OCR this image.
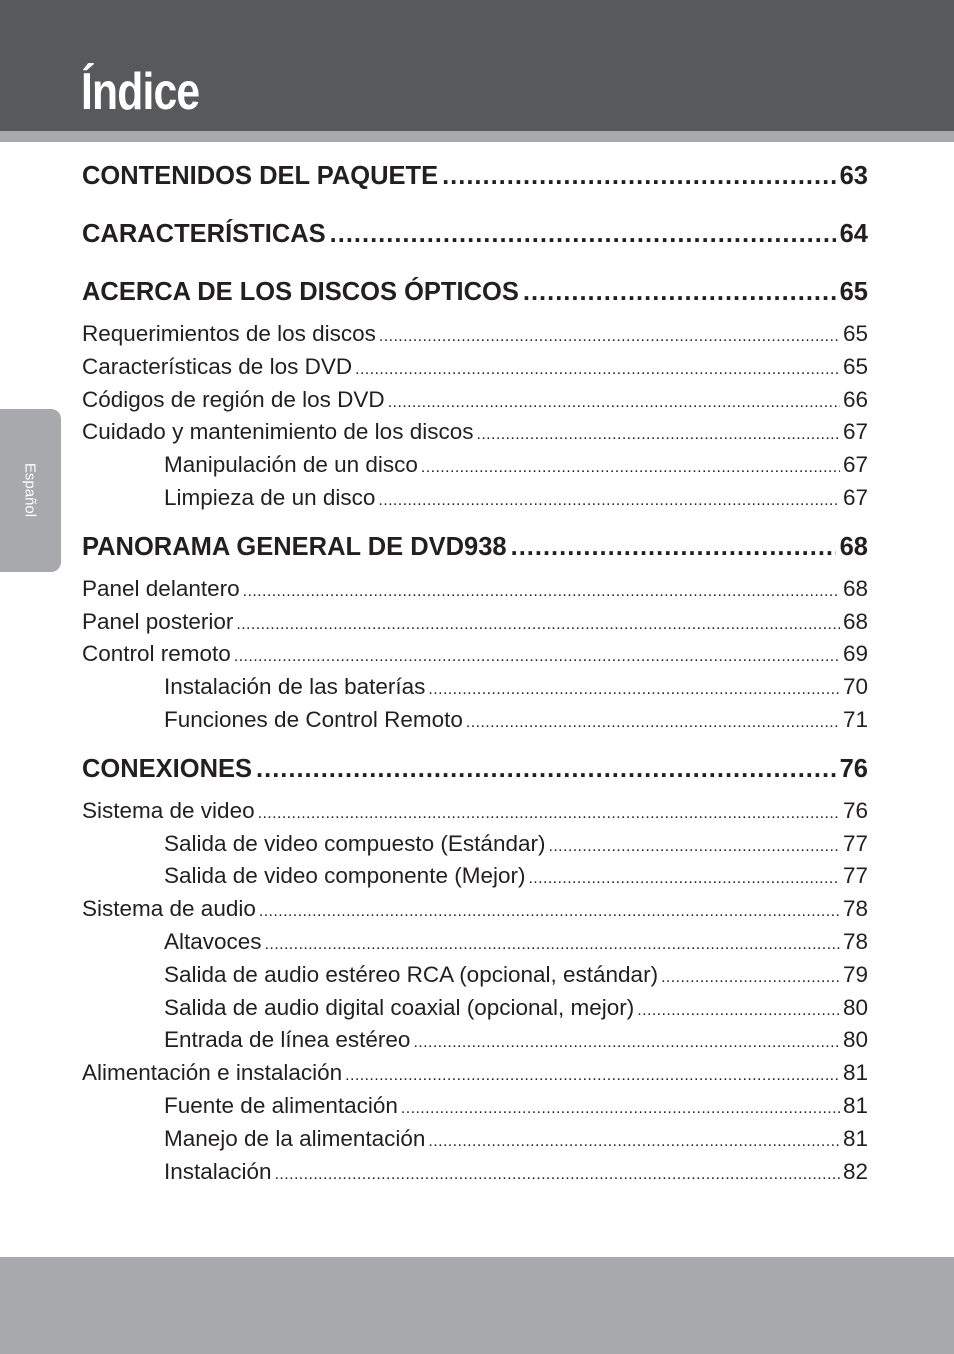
Índice
Español
CONTENIDOS DEL PAQUETE .....	63
CARACTERÍSTICAS .....	64
ACERCA DE LOS DISCOS ÓPTICOS .....	65
Requerimientos de los discos .....	65
Características de los DVD .....	65
Códigos de región de los DVD .....	66
Cuidado y mantenimiento de los discos .....	67
Manipulación de un disco .....	67
Limpieza de un disco .....	67
PANORAMA GENERAL DE DVD938 .....	68
Panel delantero .....	68
Panel posterior .....	68
Control remoto .....	69
Instalación de las baterías .....	70
Funciones de Control Remoto .....	71
CONEXIONES .....	76
Sistema de video .....	76
Salida de video compuesto (Estándar) .....	77
Salida de video componente (Mejor) .....	77
Sistema de audio .....	78
Altavoces .....	78
Salida de audio estéreo RCA (opcional, estándar) .....	79
Salida de audio digital coaxial (opcional, mejor) .....	80
Entrada de línea estéreo .....	80
Alimentación e instalación .....	81
Fuente de alimentación .....	81
Manejo de la alimentación .....	81
Instalación .....	82
